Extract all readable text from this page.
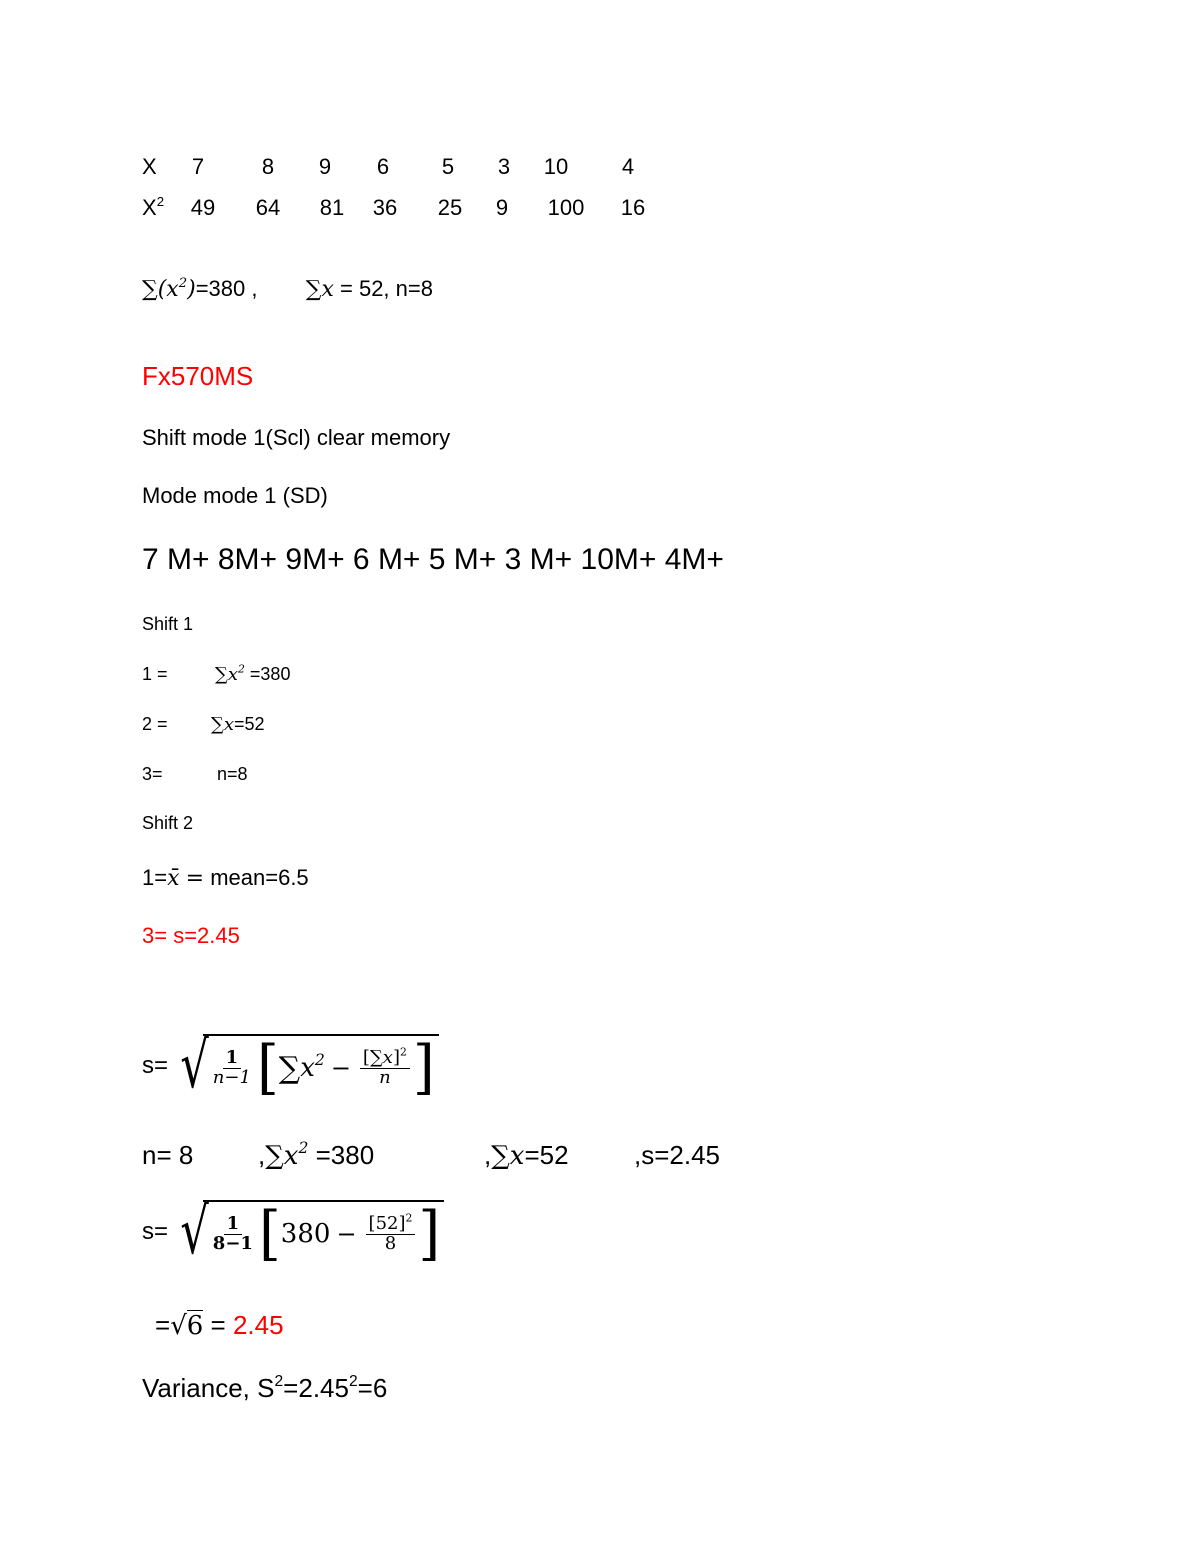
X	7	8	9	6	5	3	10	4
$X^2$	49	64	81	36	25	9	100	16
$\sum(x^2)=380$ , ∑x = 52, n=8
Fx570MS
Shift mode 1(Scl) clear memory
Mode mode 1 (SD)
7 M+ 8M+ 9M+ 6 M+ 5 M+ 3 M+ 10M+ 4M+
Shift 1
1 =	$\sum x^2 =380$
2 = ∑x=52
3=	n=8
Shift 2
1=x̄ = mean=6.5
3= s=2.45
s= √ $\frac{1}{n-1}$ [ ∑ $x^2 - \frac{[\sum x]^2}{n}$ ]
n= 8 $,\sum x^2 =380$	,∑x=52	,s=2.45
s= √ $\frac{1}{8-1}$ [ $380 - \frac{[52]^2}{8}$ ]
=√6 = 2.45
Variance, $S^2=2.45^2=6$
